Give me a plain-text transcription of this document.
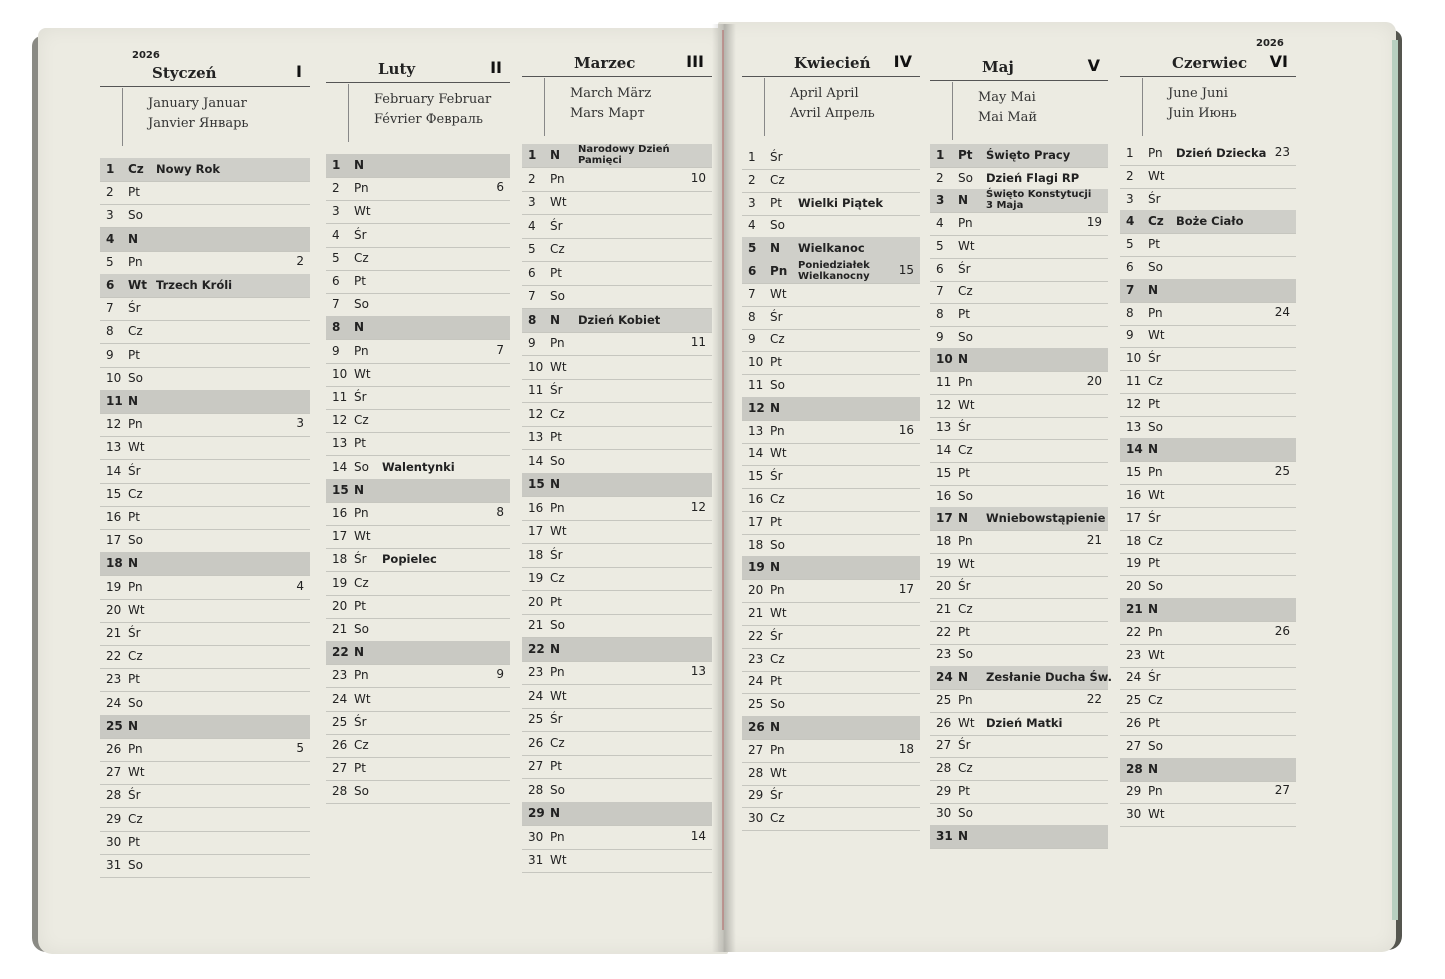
2026
2026
Styczeń	I
January Januar
Janvier Январь
1	Cz Nowy Rok
2	Pt
3	So
4	N
5	Pn	2
6	Wt Trzech Króli
7	Śr
8	Cz
9	Pt
10 So
11 N
12 Pn	3
13 Wt
14 Śr
15 Cz
16 Pt
17 So
18 N
19 Pn	4
20 Wt
21 Śr
22 Cz
23 Pt
24 So
25 N
26 Pn	5
27 Wt
28 Śr
29 Cz
30 Pt
31 So
Luty	II
February Februar
Février Февраль
1	N
2	Pn	6
3	Wt
4	Śr
5	Cz
6	Pt
7	So
8	N
9	Pn	7
10 Wt
11 Śr
12 Cz
13 Pt
14 So Walentynki
15 N
16 Pn	8
17 Wt
18 Śr Popielec
19 Cz
20 Pt
21 So
22 N
23 Pn	9
24 Wt
25 Śr
26 Cz
27 Pt
28 So
Marzec	III
March März
Mars Март
1	N Narodowy Dzień Pamięci
2	Pn	10
3	Wt
4	Śr
5	Cz
6	Pt
7	So
8	N Dzień Kobiet
9	Pn	11
10 Wt
11 Śr
12 Cz
13 Pt
14 So
15 N
16 Pn	12
17 Wt
18 Śr
19 Cz
20 Pt
21 So
22 N
23 Pn	13
24 Wt
25 Śr
26 Cz
27 Pt
28 So
29 N
30 Pn	14
31 Wt
Kwiecień IV
April April
Avril Апрель
1	Śr
2	Cz
3	Pt Wielki Piątek
4	So
5	N Wielkanoc
6	Pn Poniedziałek Wielkanocny	15
7	Wt
8	Śr
9	Cz
10 Pt
11 So
12 N
13 Pn	16
14 Wt
15 Śr
16 Cz
17 Pt
18 So
19 N
20 Pn	17
21 Wt
22 Śr
23 Cz
24 Pt
25 So
26 N
27 Pn	18
28 Wt
29 Śr
30 Cz
Maj	V
May Mai
Mai Май
1	Pt Święto Pracy
2	So Dzień Flagi RP
3	N Święto Konstytucji 3 Maja
4	Pn	19
5	Wt
6	Śr
7	Cz
8	Pt
9	So
10 N
11 Pn	20
12 Wt
13 Śr
14 Cz
15 Pt
16 So
17 N Wniebowstąpienie
18 Pn	21
19 Wt
20 Śr
21 Cz
22 Pt
23 So
24 N Zesłanie Ducha Św.
25 Pn	22
26 Wt Dzień Matki
27 Śr
28 Cz
29 Pt
30 So
31 N
Czerwiec VI
June Juni
Juin Июнь
1	Pn Dzień Dziecka 23
2	Wt
3	Śr
4	Cz Boże Ciało
5	Pt
6	So
7	N
8	Pn	24
9	Wt
10 Śr
11 Cz
12 Pt
13 So
14 N
15 Pn	25
16 Wt
17 Śr
18 Cz
19 Pt
20 So
21 N
22 Pn	26
23 Wt
24 Śr
25 Cz
26 Pt
27 So
28 N
29 Pn	27
30 Wt
